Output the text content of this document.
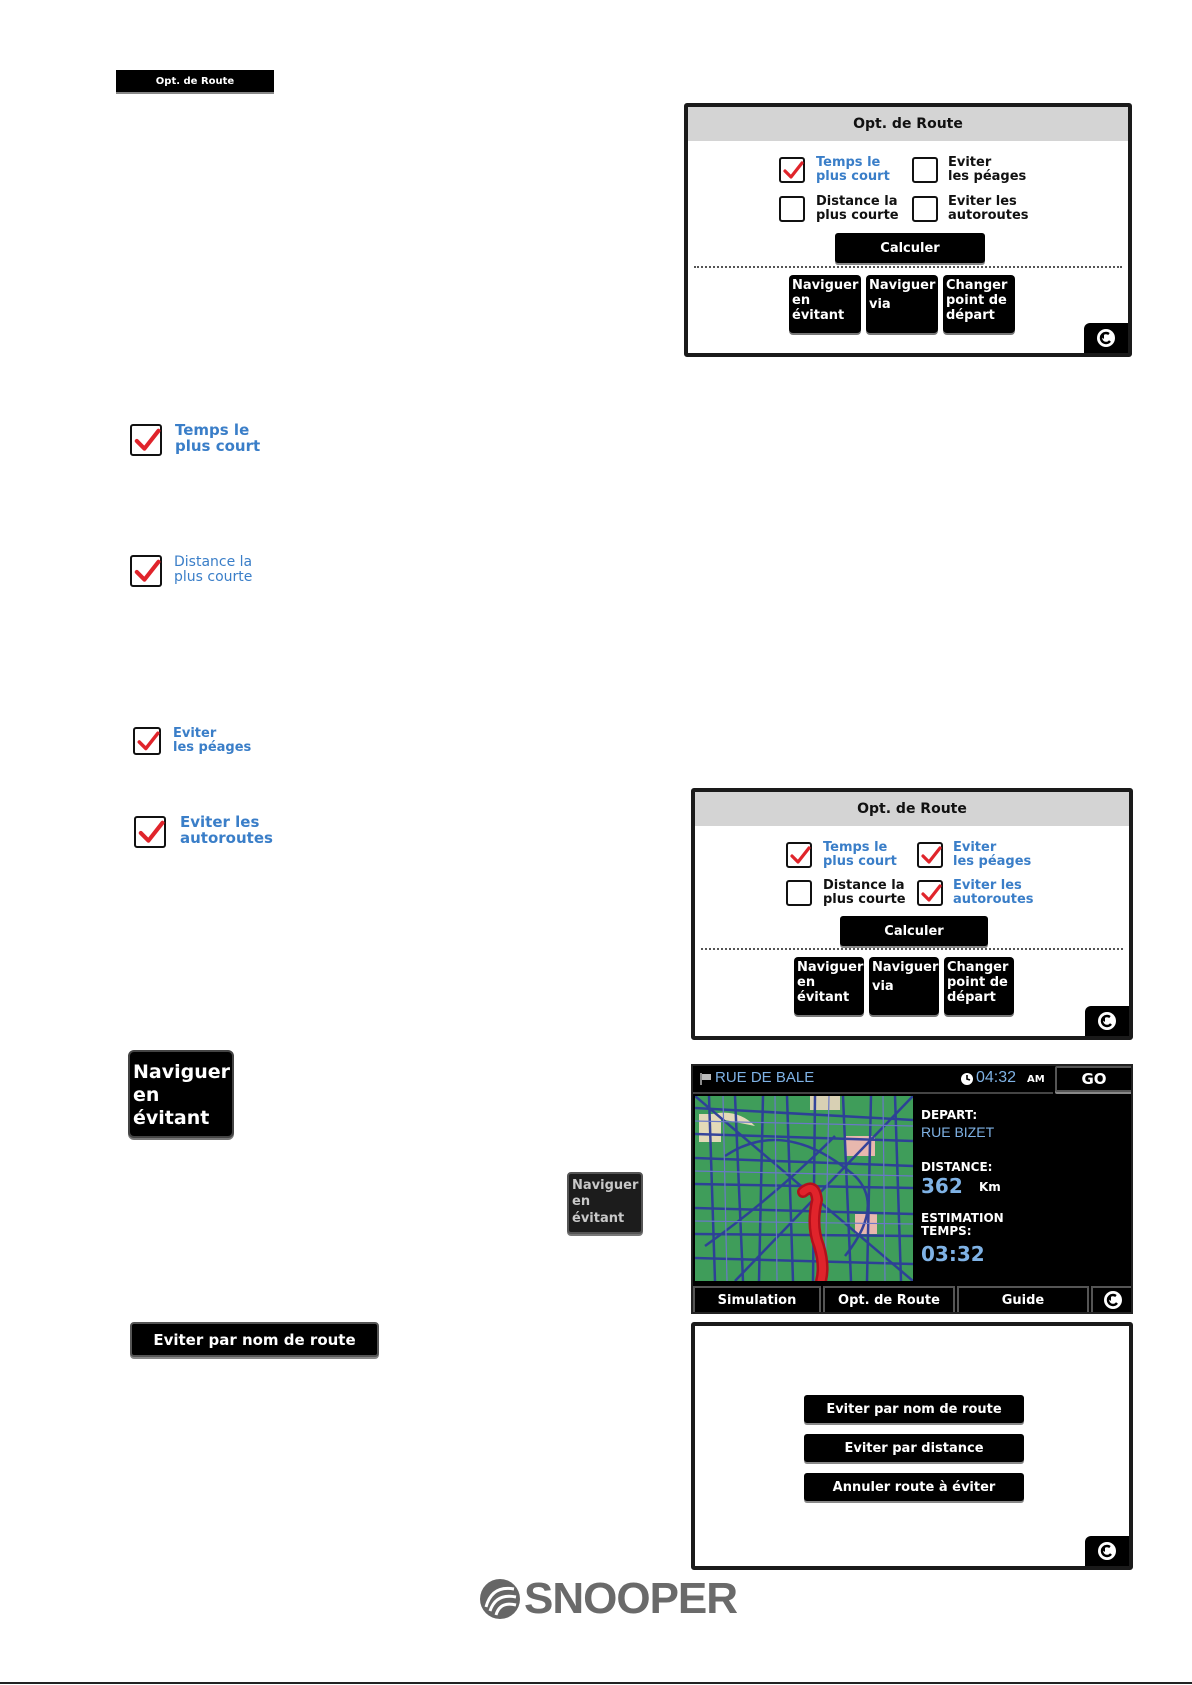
Opt. de Route
Opt. de Route
Temps le
plus court
Eviter
les péages
Distance la
plus courte
Eviter les
autoroutes
Calculer
Naviguer
en
évitant
Naviguer
via
Changer
point de
départ
Temps le
plus court
Distance la
plus courte
Eviter
les péages
Eviter les
autoroutes
Opt. de Route
Temps le
plus court
Eviter
les péages
Distance la
plus courte
Eviter les
autoroutes
Calculer
Naviguer
en
évitant
Naviguer
via
Changer
point de
départ
Naviguer
en
évitant
Naviguer
en
évitant
RUE DE BALE	04:32 AM	GO
DEPART:
RUE BIZET
DISTANCE:
362 Km
ESTIMATION
TEMPS:
03:32
Simulation	Opt. de Route	Guide
Eviter par nom de route
Eviter par nom de route
Eviter par distance
Annuler route à éviter
SNOOPER
